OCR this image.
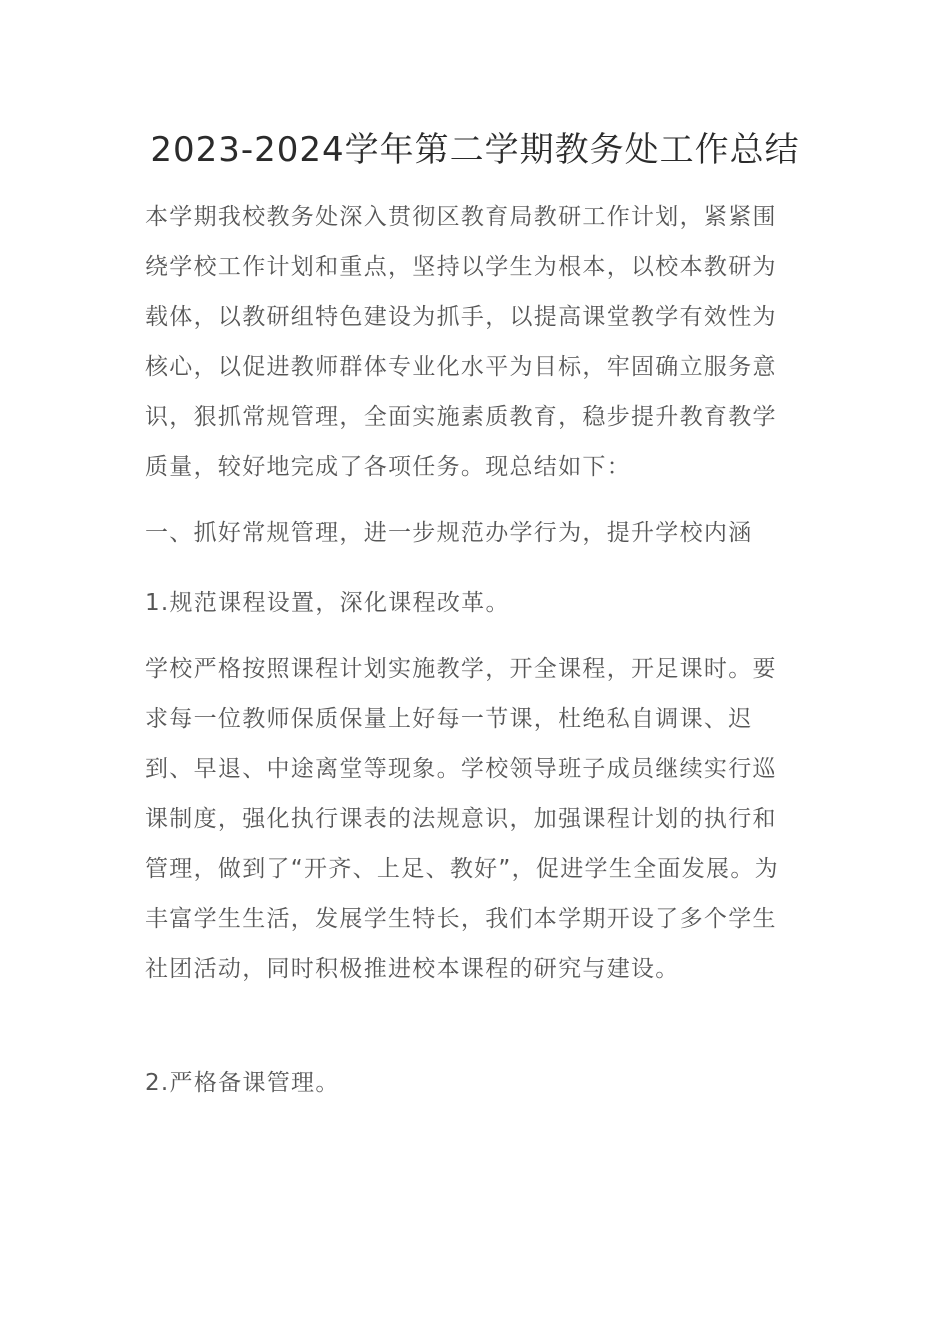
2023-2024学年第二学期教务处工作总结

本学期我校教务处深入贯彻区教育局教研工作计划，紧紧围绕学校工作计划和重点，坚持以学生为根本，以校本教研为载体，以教研组特色建设为抓手，以提高课堂教学有效性为核心，以促进教师群体专业化水平为目标，牢固确立服务意识，狠抓常规管理，全面实施素质教育，稳步提升教育教学质量，较好地完成了各项任务。现总结如下：

一、抓好常规管理，进一步规范办学行为，提升学校内涵

1.规范课程设置，深化课程改革。

学校严格按照课程计划实施教学，开全课程，开足课时。要求每一位教师保质保量上好每一节课，杜绝私自调课、迟到、早退、中途离堂等现象。学校领导班子成员继续实行巡课制度，强化执行课表的法规意识，加强课程计划的执行和管理，做到了“开齐、上足、教好”，促进学生全面发展。为丰富学生生活，发展学生特长，我们本学期开设了多个学生社团活动，同时积极推进校本课程的研究与建设。

2.严格备课管理。
